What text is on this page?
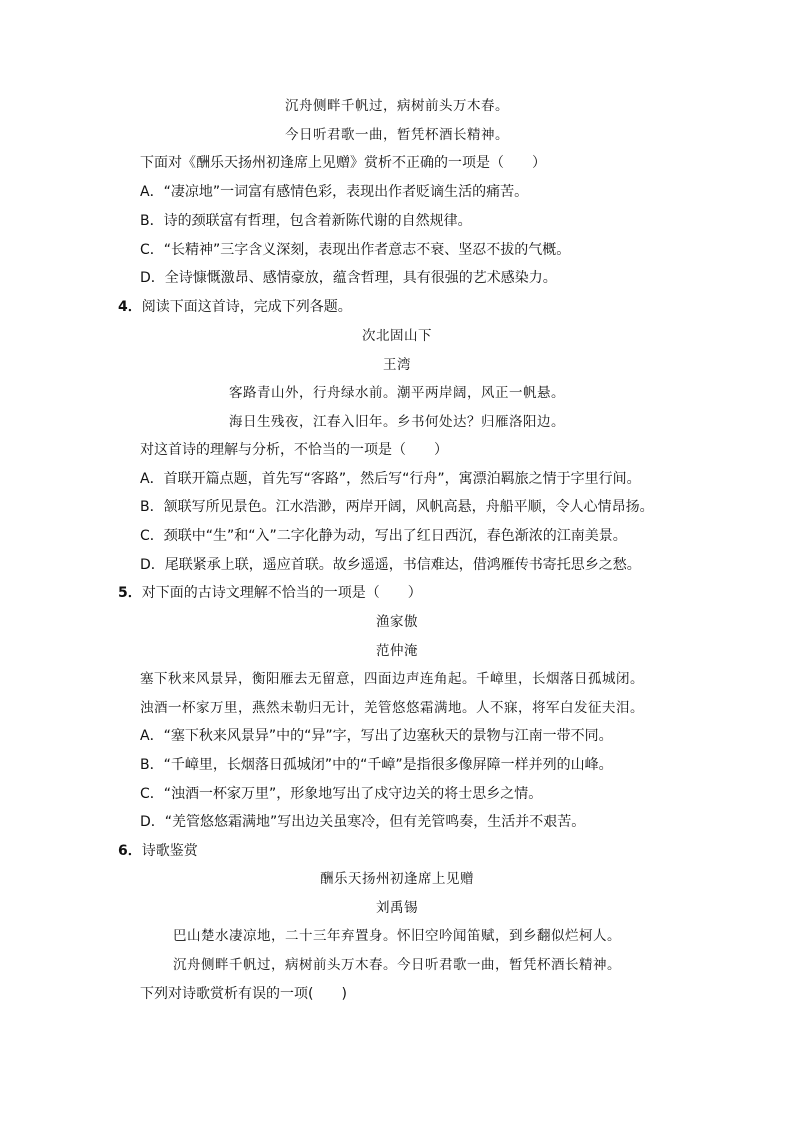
沉舟侧畔千帆过，病树前头万木春。
今日听君歌一曲，暂凭杯酒长精神。
下面对《酬乐天扬州初逢席上见赠》赏析不正确的一项是（　　）
A．“凄凉地”一词富有感情色彩，表现出作者贬谪生活的痛苦。
B．诗的颈联富有哲理，包含着新陈代谢的自然规律。
C．“长精神”三字含义深刻，表现出作者意志不衰、坚忍不拔的气概。
D．全诗慷慨激昂、感情豪放，蕴含哲理，具有很强的艺术感染力。
4．阅读下面这首诗，完成下列各题。
次北固山下
王湾
客路青山外，行舟绿水前。潮平两岸阔，风正一帆悬。
海日生残夜，江春入旧年。乡书何处达？归雁洛阳边。
对这首诗的理解与分析，不恰当的一项是（　　）
A．首联开篇点题，首先写“客路”，然后写“行舟”，寓漂泊羁旅之情于字里行间。
B．颔联写所见景色。江水浩渺，两岸开阔，风帆高悬，舟船平顺，令人心情昂扬。
C．颈联中“生”和“入”二字化静为动，写出了红日西沉，春色渐浓的江南美景。
D．尾联紧承上联，遥应首联。故乡遥遥，书信难达，借鸿雁传书寄托思乡之愁。
5．对下面的古诗文理解不恰当的一项是（　　）
渔家傲
范仲淹
塞下秋来风景异，衡阳雁去无留意，四面边声连角起。千嶂里，长烟落日孤城闭。
浊酒一杯家万里，燕然未勒归无计，羌管悠悠霜满地。人不寐，将军白发征夫泪。
A．“塞下秋来风景异”中的“异”字，写出了边塞秋天的景物与江南一带不同。
B．“千嶂里，长烟落日孤城闭”中的“千嶂”是指很多像屏障一样并列的山峰。
C．“浊酒一杯家万里”，形象地写出了戍守边关的将士思乡之情。
D．“羌管悠悠霜满地”写出边关虽寒冷，但有羌管鸣奏，生活并不艰苦。
6．诗歌鉴赏
酬乐天扬州初逢席上见赠
刘禹锡
巴山楚水凄凉地，二十三年弃置身。怀旧空吟闻笛赋，到乡翻似烂柯人。
沉舟侧畔千帆过，病树前头万木春。今日听君歌一曲，暂凭杯酒长精神。
下列对诗歌赏析有误的一项(　　)
